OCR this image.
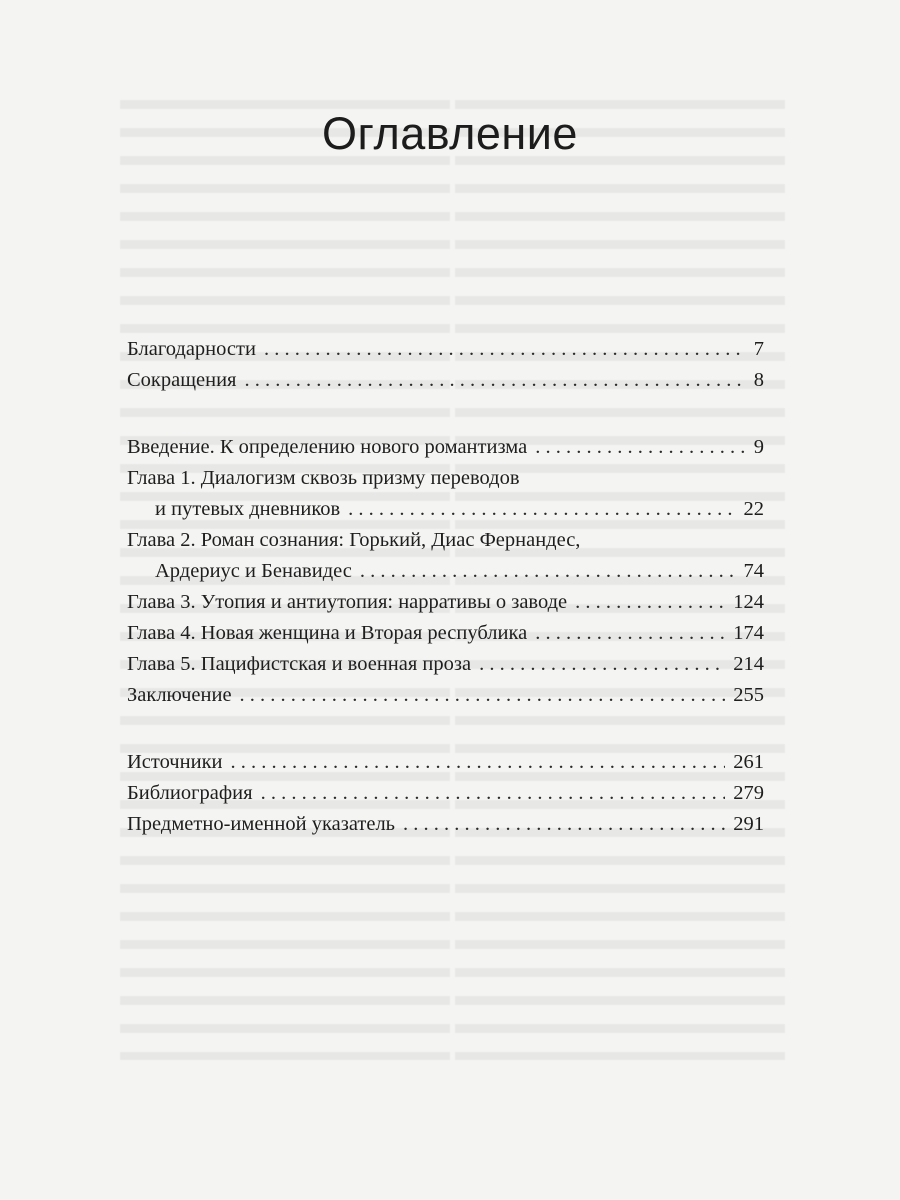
Оглавление
Благодарности . . .	7
Сокращения . . .	8
Введение. К определению нового романтизма . . .	9
Глава 1. Диалогизм сквозь призму переводов
и путевых дневников . . .	22
Глава 2. Роман сознания: Горький, Диас Фернандес,
Ардериус и Бенавидес . . .	74
Глава 3. Утопия и антиутопия: нарративы о заводе . . .	124
Глава 4. Новая женщина и Вторая республика . . .	174
Глава 5. Пацифистская и военная проза . . .	214
Заключение . . .	255
Источники . . .	261
Библиография . . .	279
Предметно-именной указатель . . .	291
